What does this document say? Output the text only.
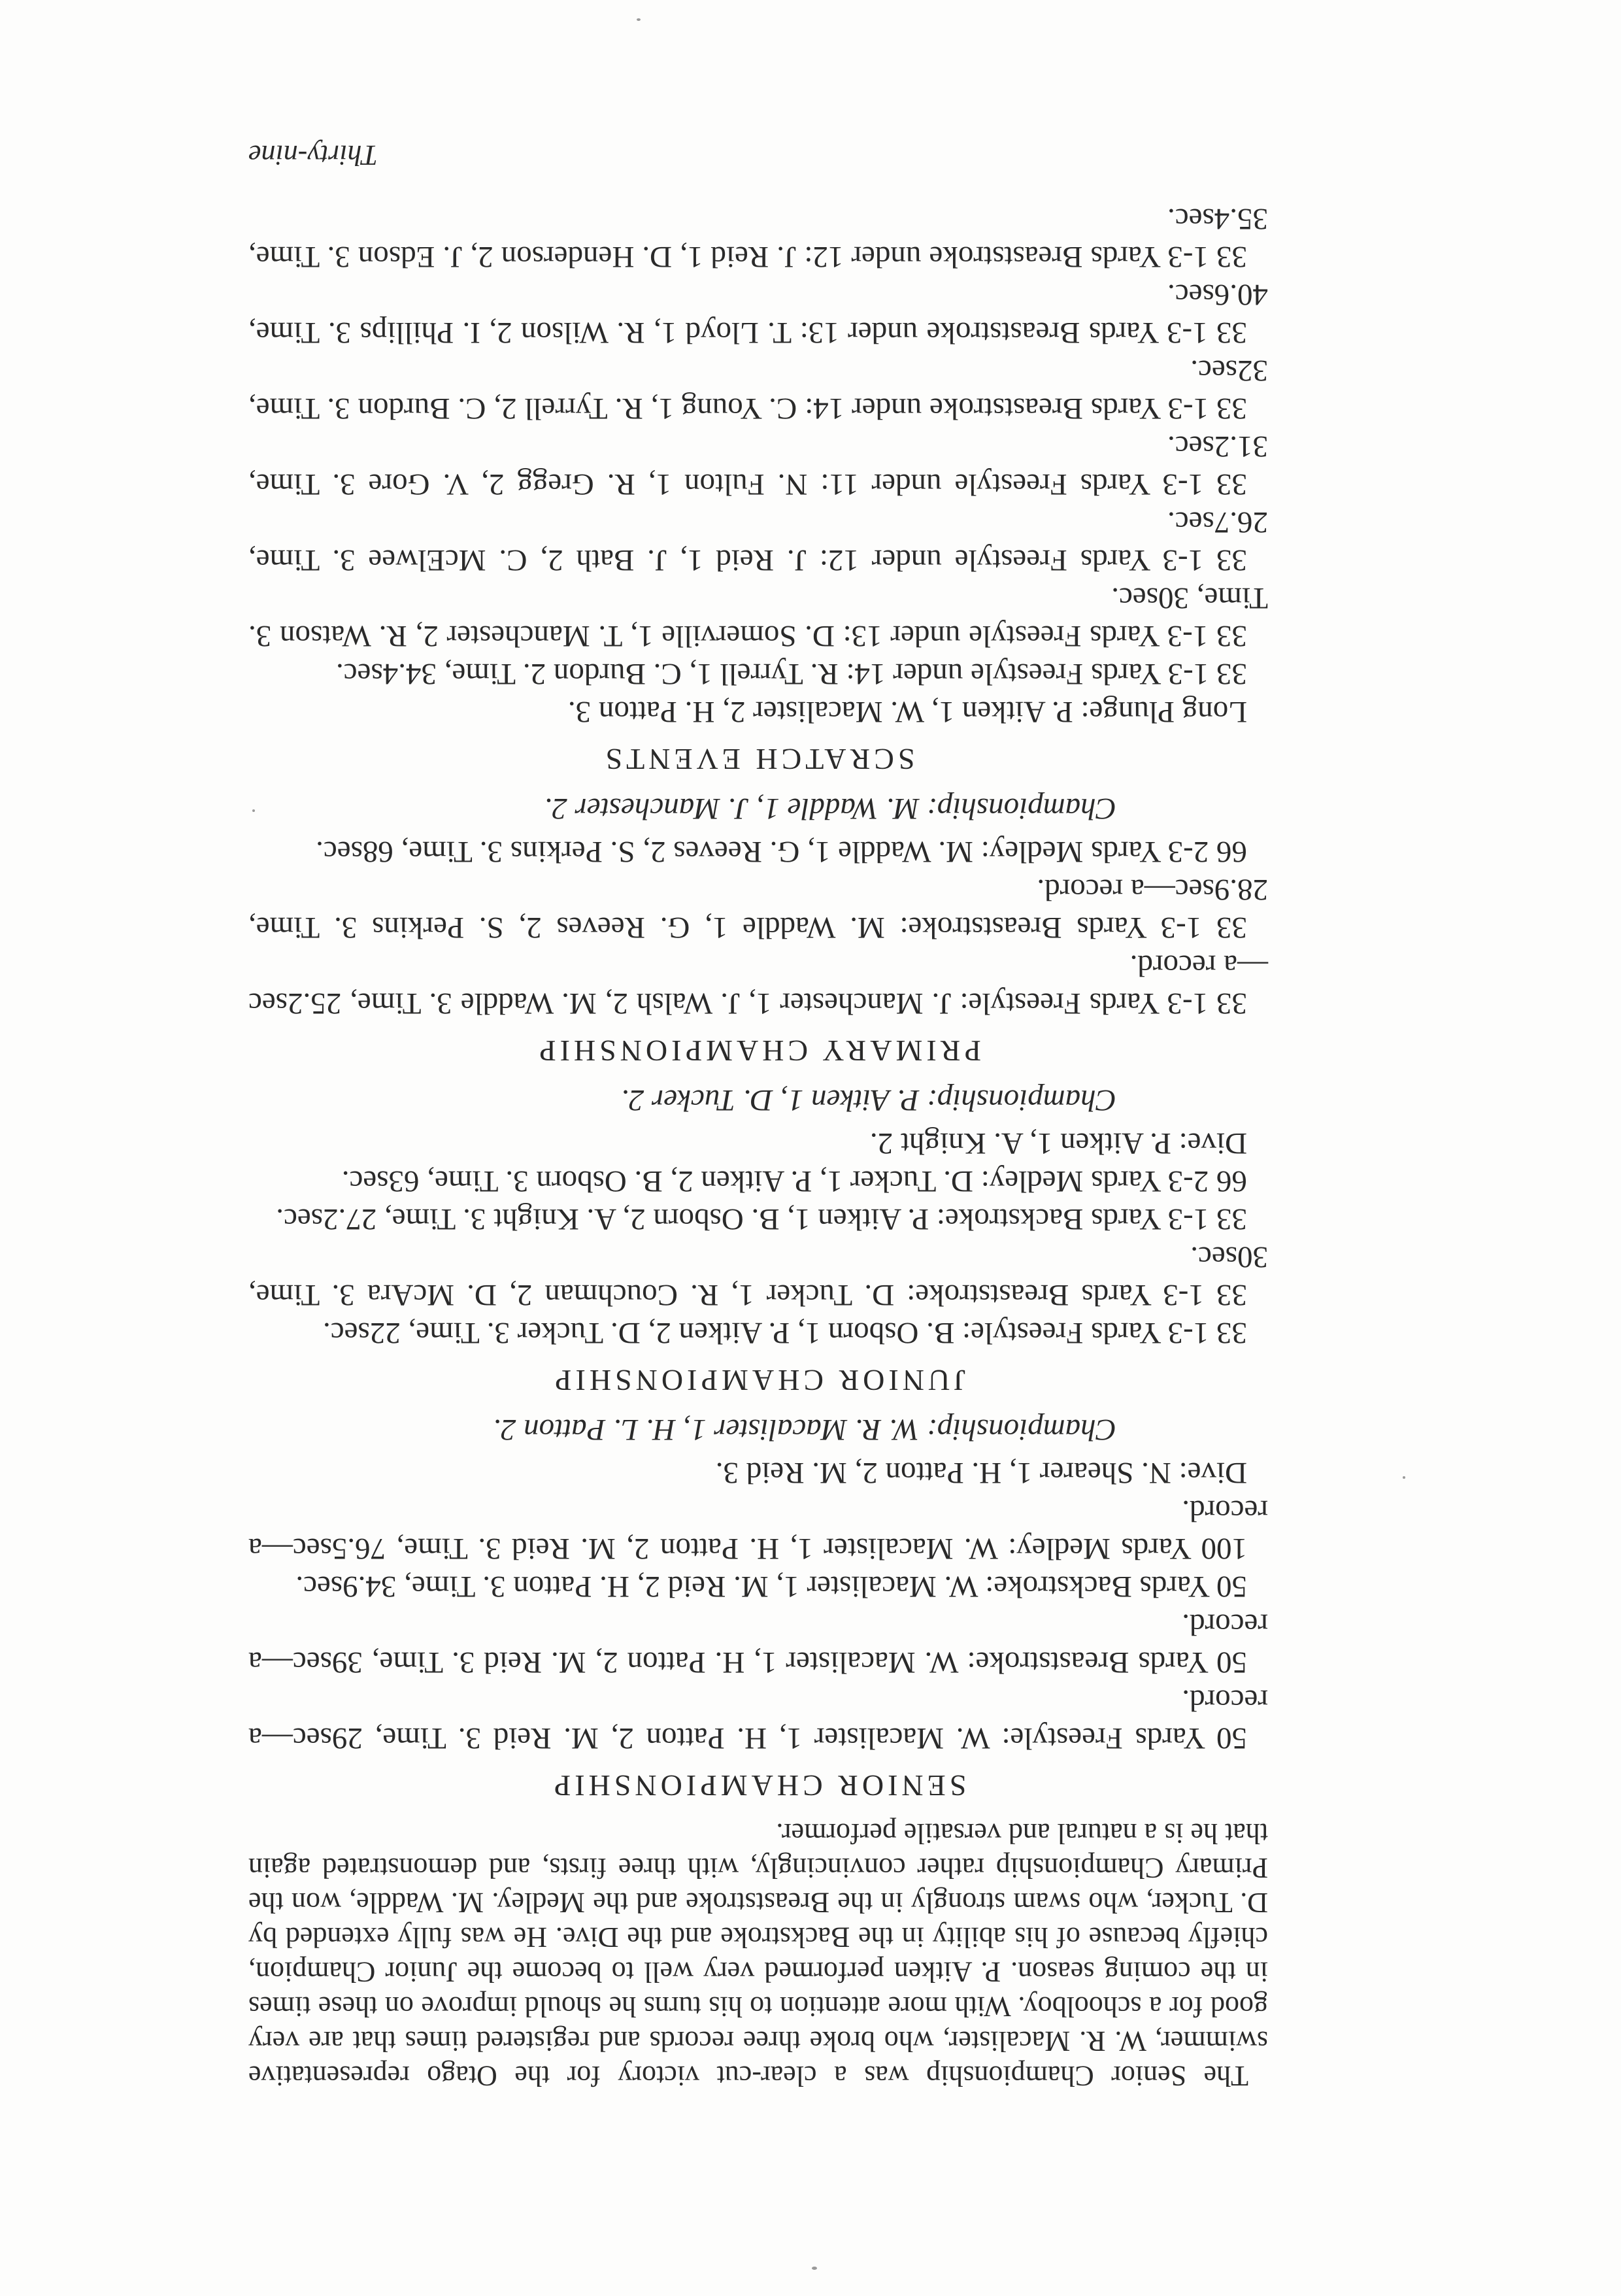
The Senior Championship was a clear-cut victory for the Otago representative swimmer, W. R. Macalister, who broke three records and registered times that are very good for a schoolboy. With more attention to his turns he should improve on these times in the coming season. P. Aitken performed very well to become the Junior Champion, chiefly because of his ability in the Backstroke and the Dive. He was fully extended by D. Tucker, who swam strongly in the Breaststroke and the Medley. M. Waddle, won the Primary Championship rather convincingly, with three firsts, and demonstrated again that he is a natural and versatile performer.

SENIOR CHAMPIONSHIP

50 Yards Freestyle: W. Macalister 1, H. Patton 2, M. Reid 3. Time, 29sec—a record.

50 Yards Breaststroke: W. Macalister 1, H. Patton 2, M. Reid 3. Time, 39sec—a record.

50 Yards Backstroke: W. Macalister 1, M. Reid 2, H. Patton 3. Time, 34.9sec.

100 Yards Medley: W. Macalister 1, H. Patton 2, M. Reid 3. Time, 76.5sec—a record.

Dive: N. Shearer 1, H. Patton 2, M. Reid 3.

Championship: W. R. Macalister 1, H. L. Patton 2.

JUNIOR CHAMPIONSHIP

33 1-3 Yards Freestyle: B. Osborn 1, P. Aitken 2, D. Tucker 3. Time, 22sec.

33 1-3 Yards Breaststroke: D. Tucker 1, R. Couchman 2, D. McAra 3. Time, 30sec.

33 1-3 Yards Backstroke: P. Aitken 1, B. Osborn 2, A. Knight 3. Time, 27.2sec.

66 2-3 Yards Medley: D. Tucker 1, P. Aitken 2, B. Osborn 3. Time, 63sec.

Dive: P. Aitken 1, A. Knight 2.

Championship: P. Aitken 1, D. Tucker 2.

PRIMARY CHAMPIONSHIP

33 1-3 Yards Freestyle: J. Manchester 1, J. Walsh 2, M. Waddle 3. Time, 25.2sec—a record.

33 1-3 Yards Breaststroke: M. Waddle 1, G. Reeves 2, S. Perkins 3. Time, 28.9sec—a record.

66 2-3 Yards Medley: M. Waddle 1, G. Reeves 2, S. Perkins 3. Time, 68sec.

Championship: M. Waddle 1, J. Manchester 2.

SCRATCH EVENTS

Long Plunge: P. Aitken 1, W. Macalister 2, H. Patton 3.

33 1-3 Yards Freestyle under 14: R. Tyrrell 1, C. Burdon 2. Time, 34.4sec.

33 1-3 Yards Freestyle under 13: D. Somerville 1, T. Manchester 2, R. Watson 3. Time, 30sec.

33 1-3 Yards Freestyle under 12: J. Reid 1, J. Bath 2, C. McElwee 3. Time, 26.7sec.

33 1-3 Yards Freestyle under 11: N. Fulton 1, R. Gregg 2, V. Gore 3. Time, 31.2sec.

33 1-3 Yards Breaststroke under 14: C. Young 1, R. Tyrrell 2, C. Burdon 3. Time, 32sec.

33 1-3 Yards Breaststroke under 13: T. Lloyd 1, R. Wilson 2, I. Phillips 3. Time, 40.6sec.

33 1-3 Yards Breaststroke under 12: J. Reid 1, D. Henderson 2, J. Edson 3. Time, 35.4sec.

Thirty-nine
